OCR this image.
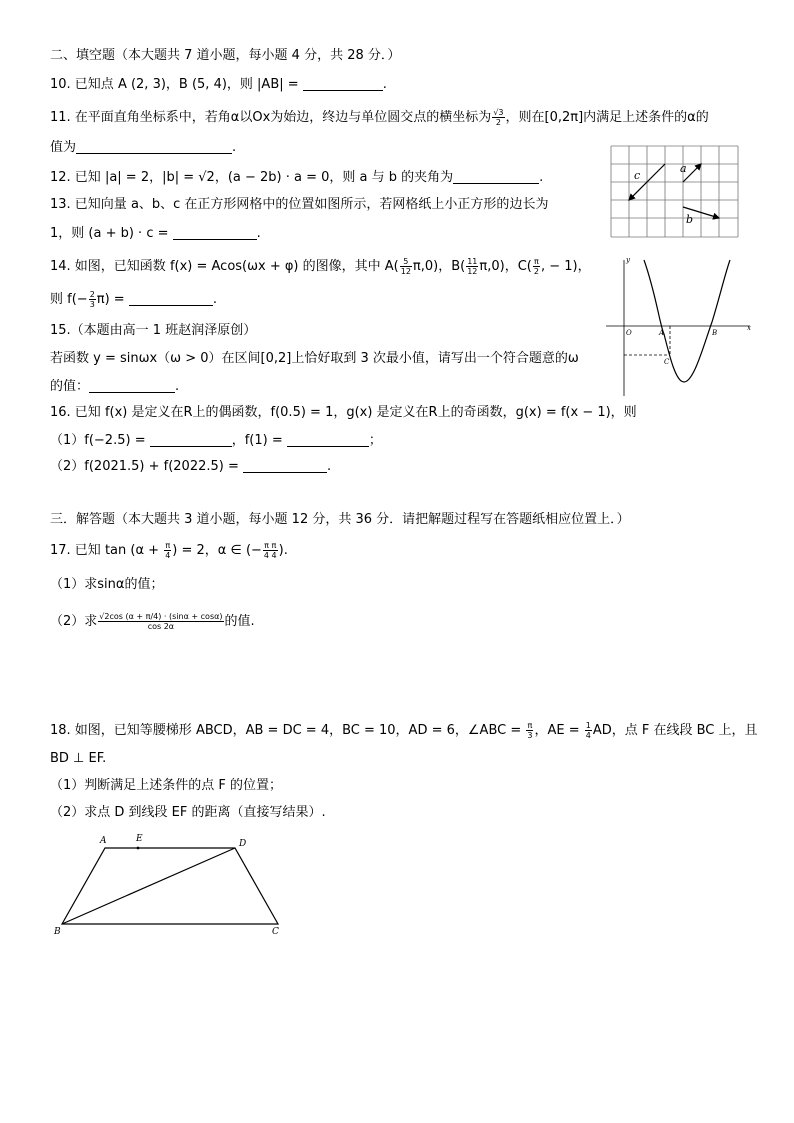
二、填空题（本大题共 7 道小题，每小题 4 分，共 28 分．）
10. 已知点 A (2, 3)，B (5, 4)，则 |AB| =	.
11. 在平面直角坐标系中，若角α以Ox为始边，终边与单位圆交点的横坐标为 $\frac{√3}{2}$ ，则在[0,2π]内满足上述条件的α的
值为	.
12. 已知 |a| = 2，|b| = √2，(a − 2b) · a = 0，则 a 与 b 的夹角为	.
13. 已知向量 a、b、c 在正方形网格中的位置如图所示，若网格纸上小正方形的边长为
1，则 (a + b) · c =	.
14. 如图，已知函数 f(x) = Acos(ωx + φ) 的图像，其中 $A( \frac{5}{12} \pi,0)$，$B( \frac{11}{12} \pi,0)$，$C( \frac{\pi}{2}$ , − 1)，
则 $f(- \frac{2}{3} \pi)$ =	.
15.（本题由高一 1 班赵润泽原创）
若函数 y = sinωx（ω > 0）在区间[0,2]上恰好取到 3 次最小值，请写出一个符合题意的ω
的值：	.
16. 已知 f(x) 是定义在R上的偶函数，f(0.5) = 1，g(x) 是定义在R上的奇函数，g(x) = f(x − 1)，则
（1）f(−2.5) =	，f(1) =	；
（2）f(2021.5) + f(2022.5) =	.
三．解答题（本大题共 3 道小题，每小题 12 分，共 36 分．请把解题过程写在答题纸相应位置上．）
17. 已知 $\tan (\alpha + \frac{\pi}{4}$ ) = 2，α ∈ (− $\frac{\text{π π}}{4 4}$ ).
（1）求sinα的值；
（2）求 $\frac{√2\cos (\alpha + \pi/4) \cdot (\sin\alpha + \cos\alpha)}{\cos 2\alpha}$ 的值.
18. 如图，已知等腰梯形 ABCD，AB = DC = 4，BC = 10，AD = 6，∠ABC = $\frac{\pi}{3}$ ，AE = $\frac{1}{4}$ AD，点 F 在线段 BC 上，且
BD ⊥ EF.
（1）判断满足上述条件的点 F 的位置；
（2）求点 D 到线段 EF 的距离（直接写结果）.
c
a
b
y
x
O	A	B
C
A	E	D
B	C
